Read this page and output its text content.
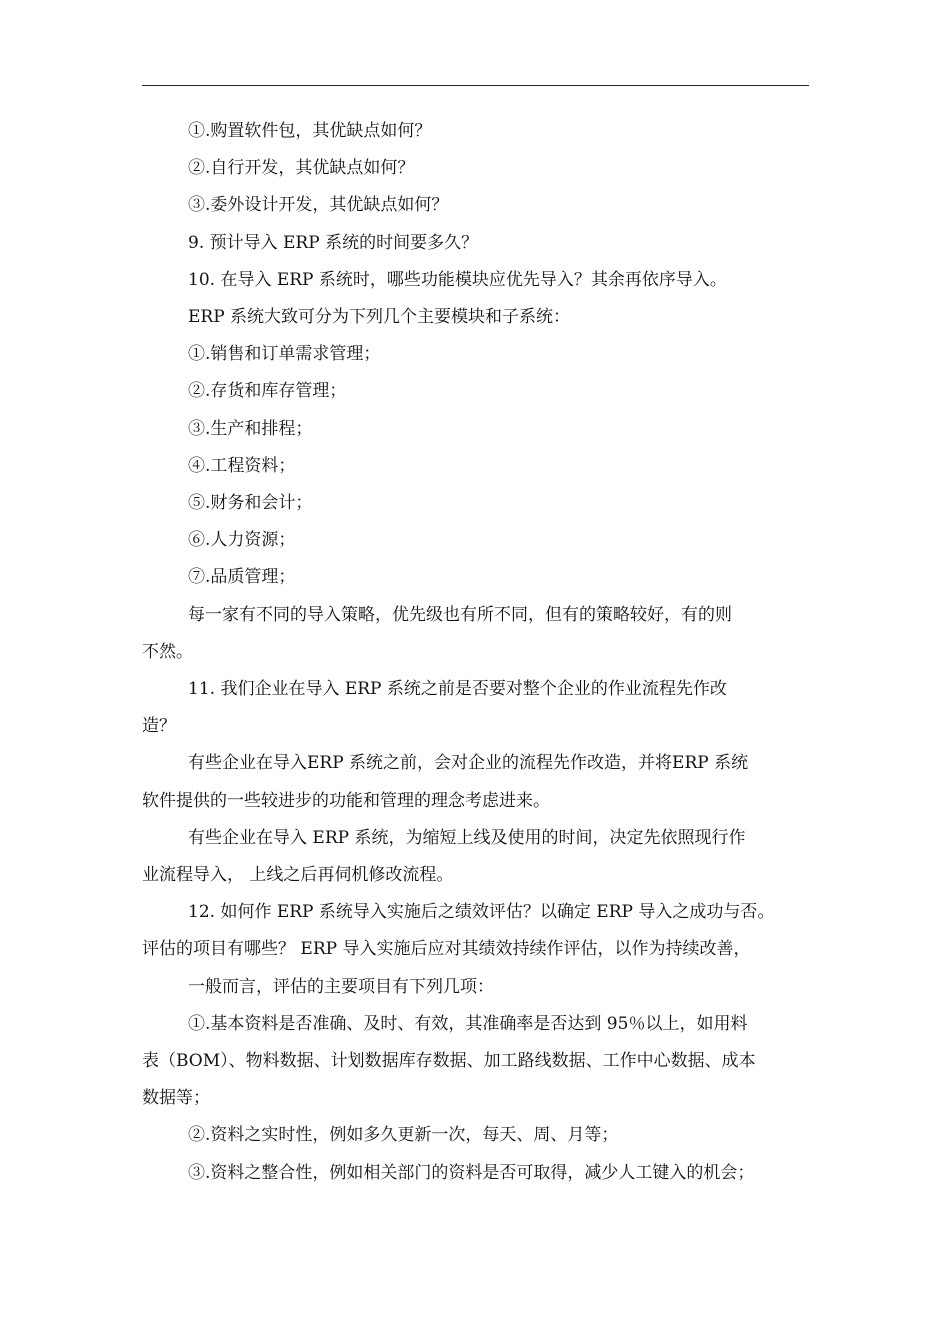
①.购置软件包，其优缺点如何？
②.自行开发，其优缺点如何？
③.委外设计开发，其优缺点如何？
9. 预计导入 ERP 系统的时间要多久？
10. 在导入 ERP 系统时，哪些功能模块应优先导入？其余再依序导入。
ERP 系统大致可分为下列几个主要模块和子系统：
①.销售和订单需求管理；
②.存货和库存管理；
③.生产和排程；
④.工程资料；
⑤.财务和会计；
⑥.人力资源；
⑦.品质管理；
每一家有不同的导入策略，优先级也有所不同，但有的策略较好，有的则
不然。
11. 我们企业在导入 ERP 系统之前是否要对整个企业的作业流程先作改
造？
有些企业在导入ERP 系统之前，会对企业的流程先作改造，并将ERP 系统
软件提供的一些较进步的功能和管理的理念考虑进来。
有些企业在导入 ERP 系统，为缩短上线及使用的时间，决定先依照现行作
业流程导入， 上线之后再伺机修改流程。
12. 如何作 ERP 系统导入实施后之绩效评估？以确定 ERP 导入之成功与否。
评估的项目有哪些？ ERP 导入实施后应对其绩效持续作评估，以作为持续改善，
一般而言，评估的主要项目有下列几项：
①.基本资料是否准确、及时、有效，其准确率是否达到 95％以上，如用料
表（BOM）、物料数据、计划数据库存数据、加工路线数据、工作中心数据、成本
数据等；
②.资料之实时性，例如多久更新一次，每天、周、月等；
③.资料之整合性，例如相关部门的资料是否可取得，减少人工键入的机会；
